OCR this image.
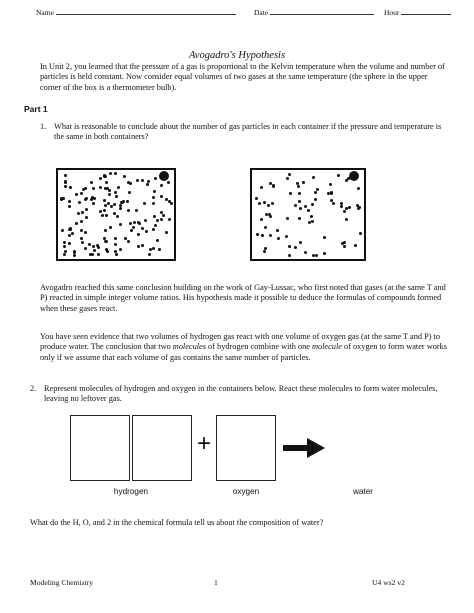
Name	Date	Hour
Avogadro's Hypothesis
In Unit 2, you learned that the pressure of a gas is proportional to the Kelvin temperature when the volume and number of particles is held constant. Now consider equal volumes of two gases at the same temperature (the sphere in the upper corner of the box is a thermometer bulb).
Part 1
1. What is reasonable to conclude about the number of gas particles in each container if the pressure and temperature is the same in both containers?
Avogadro reached this same conclusion building on the work of Gay-Lussac, who first noted that gases (at the same T and P) reacted in simple integer volume ratios. His hypothesis made it possible to deduce the formulas of compounds formed when these gases react.
You have seen evidence that two volumes of hydrogen gas react with one volume of oxygen gas (at the same T and P) to produce water. The conclusion that two molecules of hydrogen combine with one molecule of oxygen to form water works only if we assume that each volume of gas contains the same number of particles.
2. Represent molecules of hydrogen and oxygen in the containers below. React these molecules to form water molecules, leaving no leftover gas.
+
hydrogen	oxygen	water
What do the H, O, and 2 in the chemical formula tell us about the composition of water?
Modeling Chemistry	1	U4 ws2 v2
